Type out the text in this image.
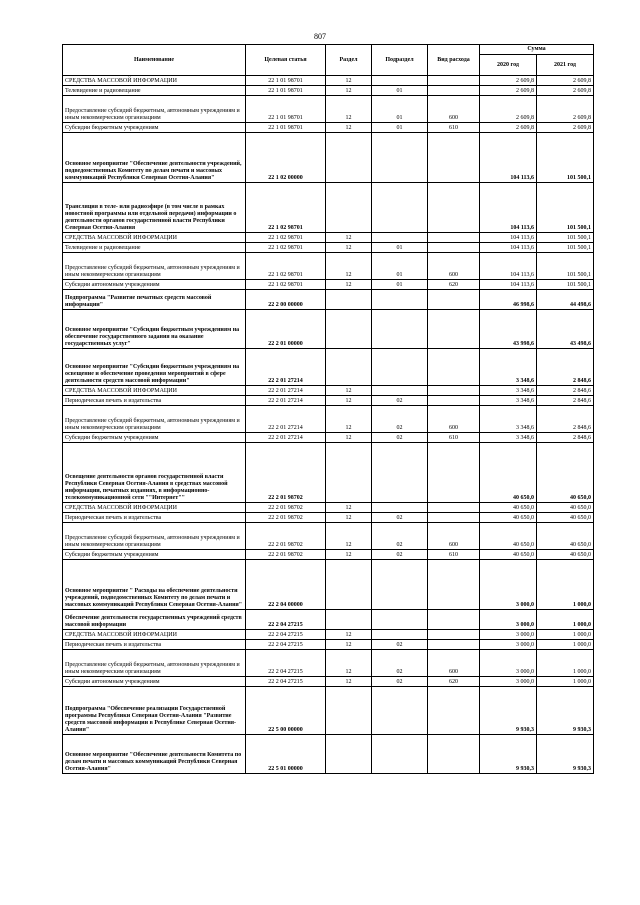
807
Наименование	Целевая статья	Раздел	Подраздел	Вид расхода	Сумма	
					2020 год	2021 год
СРЕДСТВА МАССОВОЙ ИНФОРМАЦИИ	22 1 01 98701	12			2 609,8	2 609,8
Телевидение и радиовещание	22 1 01 98701	12	01		2 609,8	2 609,8
Предоставление субсидий бюджетным, автономным учреждениям и иным некоммерческим организациям	22 1 01 98701	12	01	600	2 609,8	2 609,8
Субсидии бюджетным учреждениям	22 1 01 98701	12	01	610	2 609,8	2 609,8
Основное мероприятие "Обеспечение деятельности учреждений, подведомственных Комитету по делам печати и массовых коммуникаций Республики Северная Осетия-Алания"	22 1 02 00000				104 113,6	101 500,1
Трансляция в теле- или радиоэфире (в том числе в рамках новостной программы или отдельной передачи) информации о деятельности органов государственной власти Республики Северная Осетия-Алания	22 1 02 98701				104 113,6	101 500,1
СРЕДСТВА МАССОВОЙ ИНФОРМАЦИИ	22 1 02 98701	12			104 113,6	101 500,1
Телевидение и радиовещание	22 1 02 98701	12	01		104 113,6	101 500,1
Предоставление субсидий бюджетным, автономным учреждениям и иным некоммерческим организациям	22 1 02 98701	12	01	600	104 113,6	101 500,1
Субсидии автономным учреждениям	22 1 02 98701	12	01	620	104 113,6	101 500,1
Подпрограмма "Развитие печатных средств массовой информации"	22 2 00 00000				46 998,6	44 498,6
Основное мероприятие "Субсидии бюджетным учреждениям на обеспечение государственного задания на оказание государственных услуг"	22 2 01 00000				43 998,6	43 498,6
Основное мероприятие "Субсидии бюджетным учреждениям на освещение и обеспечение проведения мероприятий в сфере деятельности средств массовой информации"	22 2 01 27214				3 348,6	2 848,6
СРЕДСТВА МАССОВОЙ ИНФОРМАЦИИ	22 2 01 27214	12			3 348,6	2 848,6
Периодическая печать и издательства	22 2 01 27214	12	02		3 348,6	2 848,6
Предоставление субсидий бюджетным, автономным учреждениям и иным некоммерческим организациям	22 2 01 27214	12	02	600	3 348,6	2 848,6
Субсидии бюджетным учреждениям	22 2 01 27214	12	02	610	3 348,6	2 848,6
Освещение деятельности органов государственной власти Республики Северная Осетия-Алания в средствах массовой информации, печатных изданиях, в информационно-телекоммуникационной сети ""Интернет""	22 2 01 98702				40 650,0	40 650,0
СРЕДСТВА МАССОВОЙ ИНФОРМАЦИИ	22 2 01 98702	12			40 650,0	40 650,0
Периодическая печать и издательства	22 2 01 98702	12	02		40 650,0	40 650,0
Предоставление субсидий бюджетным, автономным учреждениям и иным некоммерческим организациям	22 2 01 98702	12	02	600	40 650,0	40 650,0
Субсидии бюджетным учреждениям	22 2 01 98702	12	02	610	40 650,0	40 650,0
Основное мероприятие " Расходы на обеспечение деятельности учреждений, подведомственных Комитету по делам печати и массовых коммуникаций Республики Северная Осетия-Алания"	22 2 04 00000				3 000,0	1 000,0
Обеспечение деятельности государственных учреждений средств массовой информации	22 2 04 27215				3 000,0	1 000,0
СРЕДСТВА МАССОВОЙ ИНФОРМАЦИИ	22 2 04 27215	12			3 000,0	1 000,0
Периодическая печать и издательства	22 2 04 27215	12	02		3 000,0	1 000,0
Предоставление субсидий бюджетным, автономным учреждениям и иным некоммерческим организациям	22 2 04 27215	12	02	600	3 000,0	1 000,0
Субсидии автономным учреждениям	22 2 04 27215	12	02	620	3 000,0	1 000,0
Подпрограмма "Обеспечение реализации Государственной программы Республики Северная Осетия-Алания "Развитие средств массовой информации в Республике Северная Осетия-Алания"	22 5 00 00000				9 930,3	9 930,3
Основное мероприятие "Обеспечение деятельности Комитета по делам печати и массовых коммуникаций Республики Северная Осетия-Алания"	22 5 01 00000				9 930,3	9 930,3
